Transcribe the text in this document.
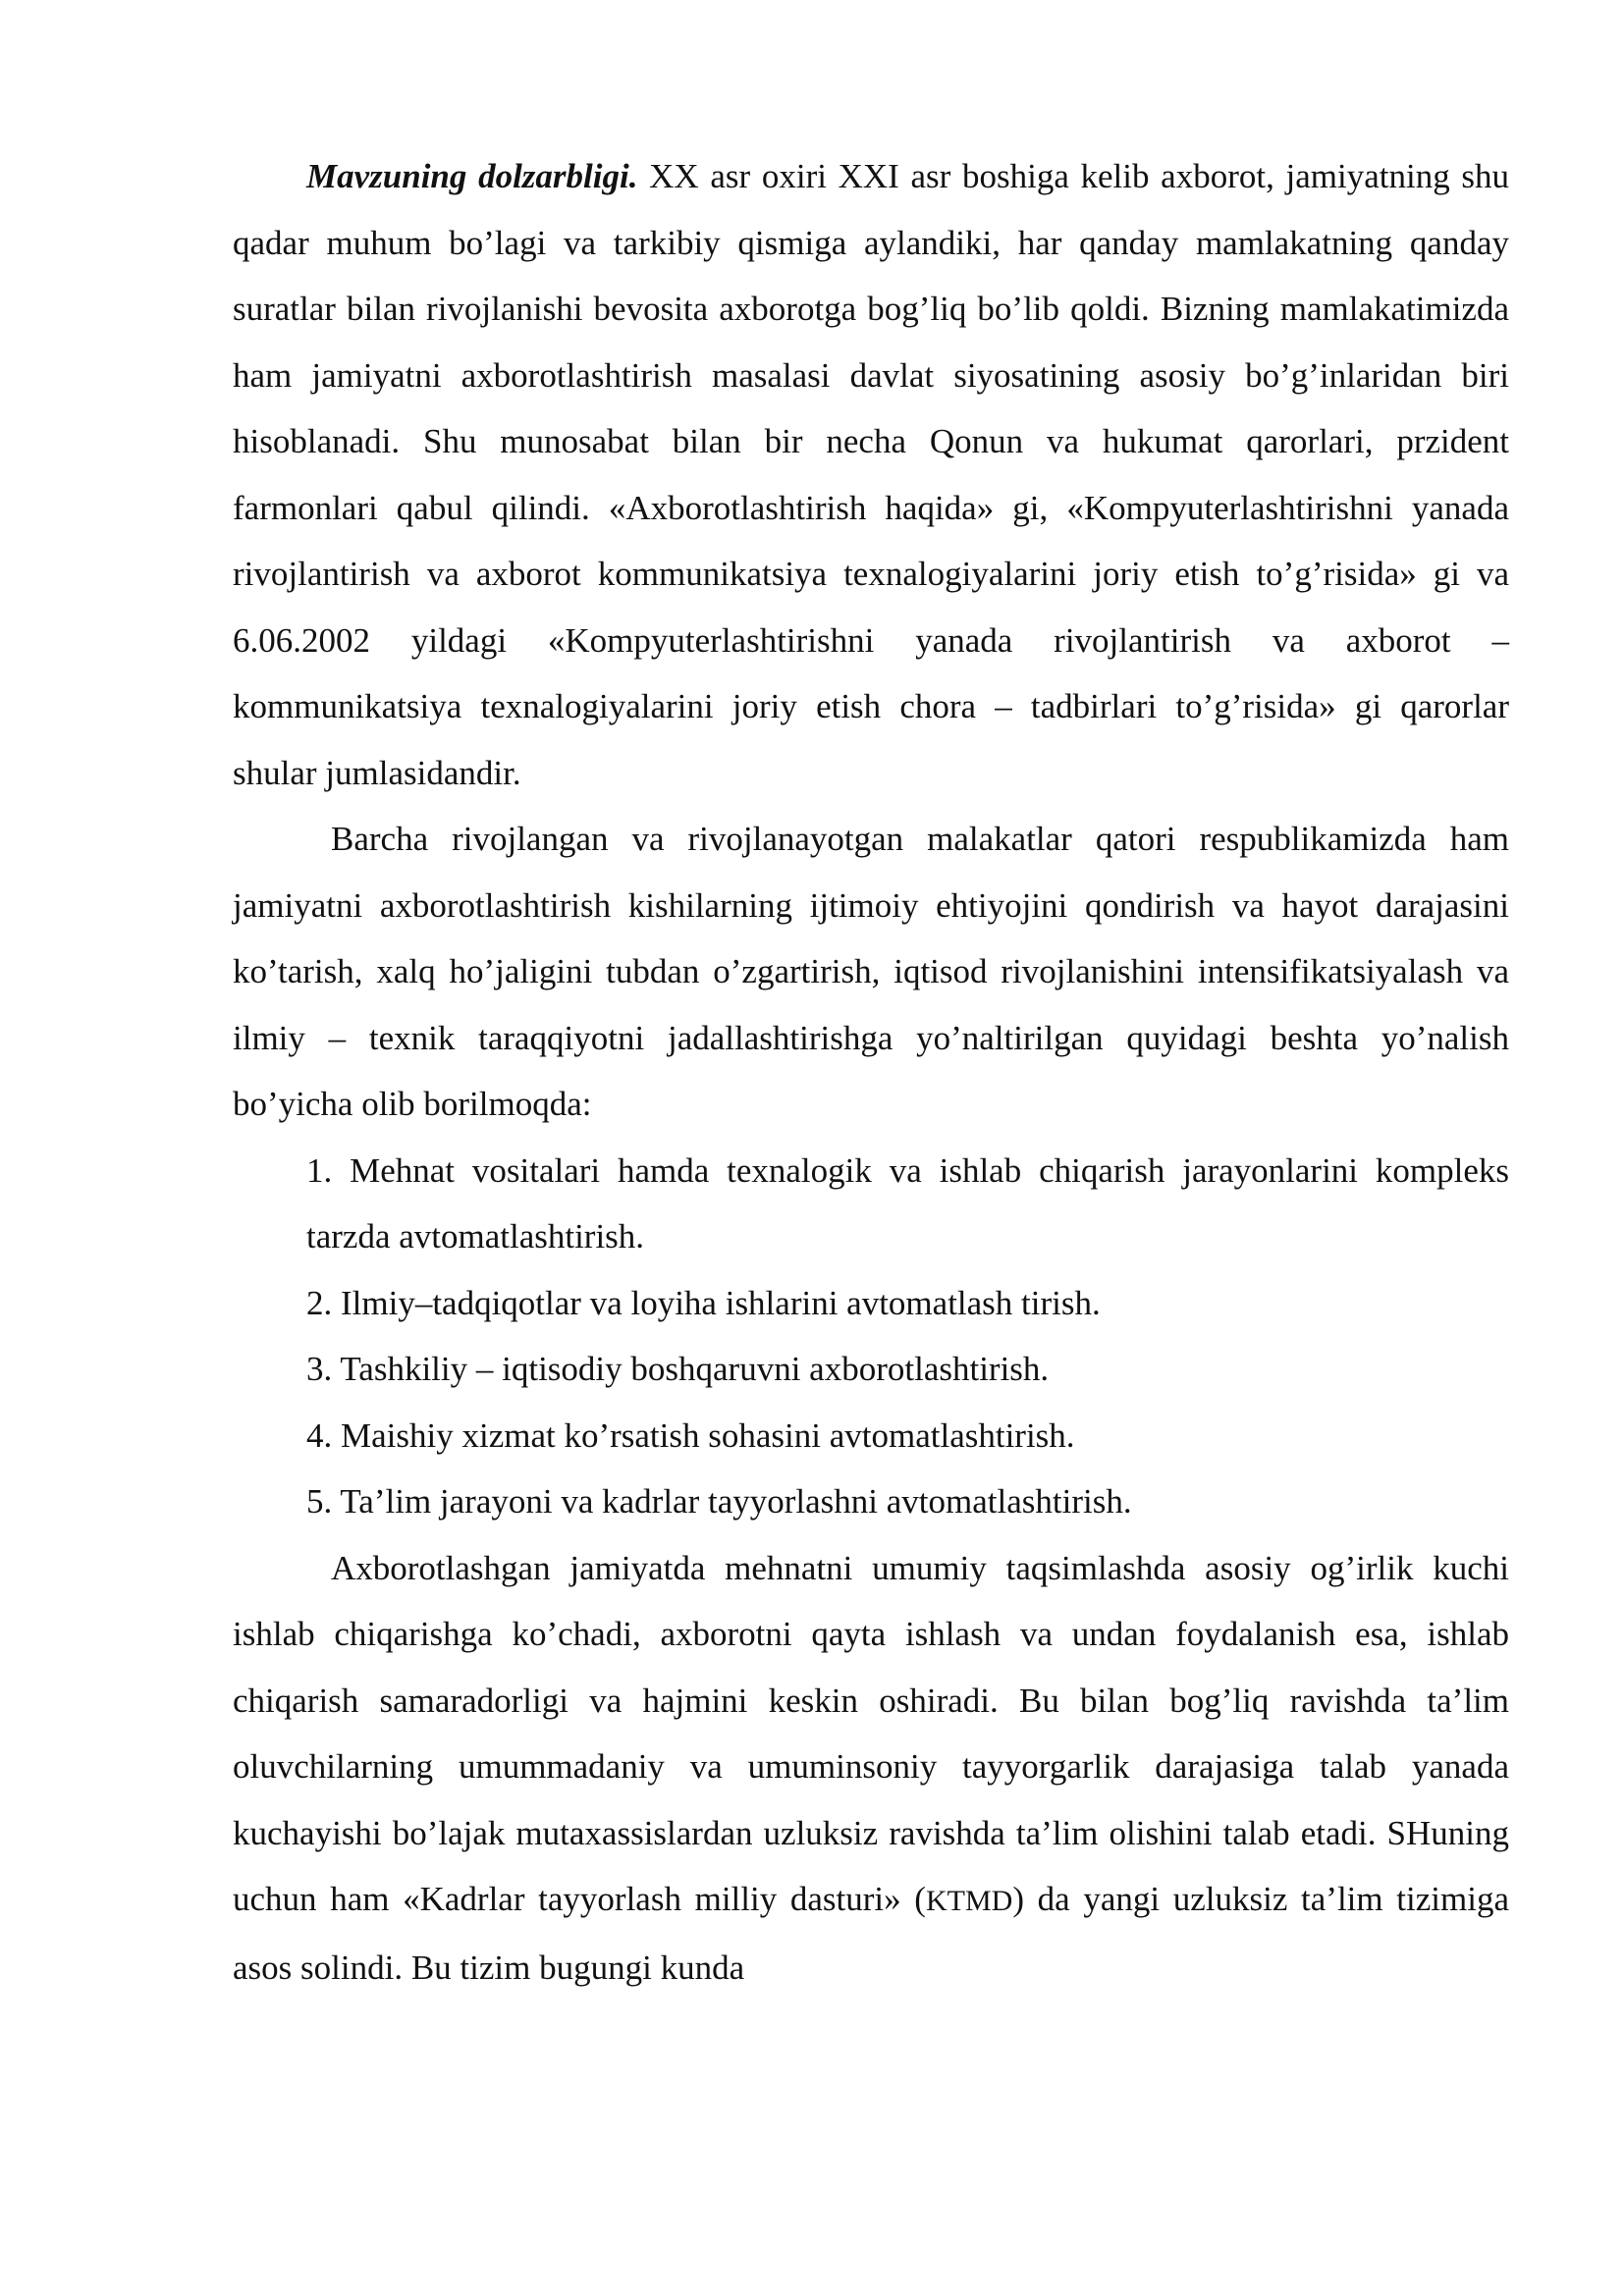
Mavzuning dolzarbligi. XX asr oxiri XXI asr boshiga kelib axborot, jamiyatning shu qadar muhum bo’lagi va tarkibiy qismiga aylandiki, har qanday mamlakatning qanday suratlar bilan rivojlanishi bevosita axborotga bog’liq bo’lib qoldi. Bizning mamlakatimizda ham jamiyatni axborotlashtirish masalasi davlat siyosatining asosiy bo’g’inlaridan biri hisoblanadi. Shu munosabat bilan bir necha Qonun va hukumat qarorlari, przident farmonlari qabul qilindi. «Axborotlashtirish haqida» gi, «Kompyuterlashtirishni yanada rivojlantirish va axborot kommunikatsiya texnalogiyalarini joriy etish to’g’risida» gi va 6.06.2002 yildagi «Kompyuterlashtirishni yanada rivojlantirish va axborot – kommunikatsiya texnalogiyalarini joriy etish chora – tadbirlari to’g’risida» gi qarorlar shular jumlasidandir.

Barcha rivojlangan va rivojlanayotgan malakatlar qatori respublikamizda ham jamiyatni axborotlashtirish kishilarning ijtimoiy ehtiyojini qondirish va hayot darajasini ko’tarish, xalq ho’jaligini tubdan o’zgartirish, iqtisod rivojlanishini intensifikatsiyalash va ilmiy – texnik taraqqiyotni jadallashtirishga yo’naltirilgan quyidagi beshta yo’nalish bo’yicha olib borilmoqda:

1. Mehnat vositalari hamda texnalogik va ishlab chiqarish jarayonlarini kompleks tarzda avtomatlashtirish.
2. Ilmiy–tadqiqotlar va loyiha ishlarini avtomatlash tirish.
3. Tashkiliy – iqtisodiy boshqaruvni axborotlashtirish.
4. Maishiy xizmat ko’rsatish sohasini avtomatlashtirish.
5. Ta’lim jarayoni va kadrlar tayyorlashni avtomatlashtirish.

Axborotlashgan jamiyatda mehnatni umumiy taqsimlashda asosiy og’irlik kuchi ishlab chiqarishga ko’chadi, axborotni qayta ishlash va undan foydalanish esa, ishlab chiqarish samaradorligi va hajmini keskin oshiradi. Bu bilan bog’liq ravishda ta’lim oluvchilarning umummadaniy va umuminsoniy tayyorgarlik darajasiga talab yanada kuchayishi bo’lajak mutaxassislardan uzluksiz ravishda ta’lim olishini talab etadi. SHuning uchun ham «Kadrlar tayyorlash milliy dasturi» (KTMD) da yangi uzluksiz ta’lim tizimiga asos solindi. Bu tizim bugungi kunda
